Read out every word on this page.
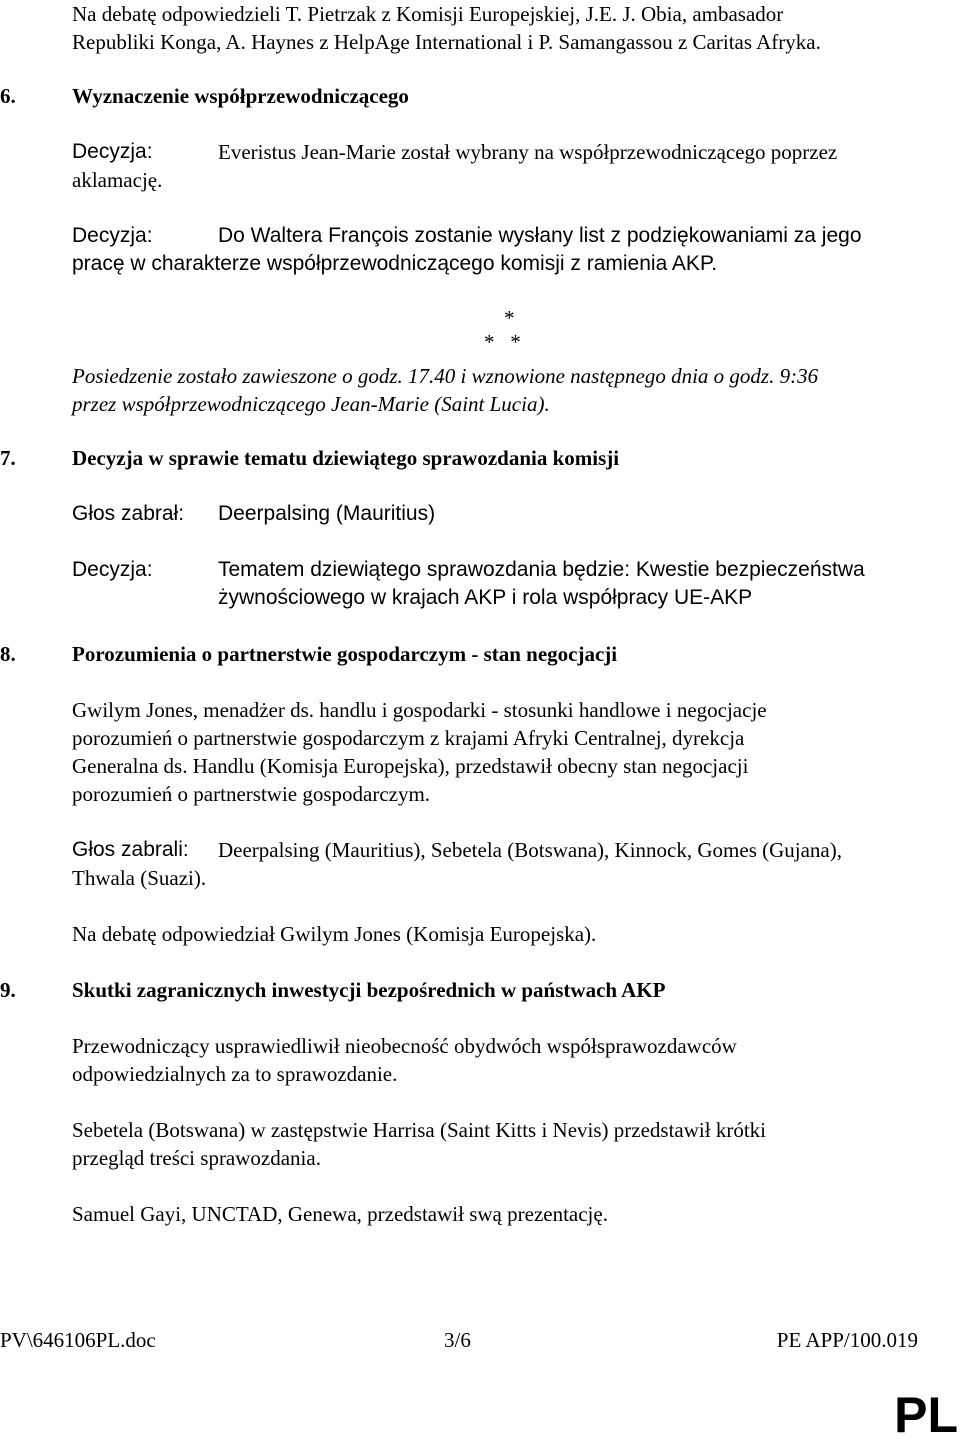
Na debatę odpowiedzieli T. Pietrzak z Komisji Europejskiej, J.E. J. Obia, ambasador
Republiki Konga, A. Haynes z HelpAge International i P. Samangassou z Caritas Afryka.
6.	Wyznaczenie współprzewodniczącego
Decyzja:	Everistus Jean-Marie został wybrany na współprzewodniczącego poprzez
aklamację.
Decyzja:	Do Waltera François zostanie wysłany list z podziękowaniami za jego
pracę w charakterze współprzewodniczącego komisji z ramienia AKP.
*
*   *
Posiedzenie zostało zawieszone o godz. 17.40 i wznowione następnego dnia o godz. 9:36
przez współprzewodniczącego Jean-Marie (Saint Lucia).
7.	Decyzja w sprawie tematu dziewiątego sprawozdania komisji
Głos zabrał: Deerpalsing (Mauritius)
Decyzja:	Tematem dziewiątego sprawozdania będzie: Kwestie bezpieczeństwa
żywnościowego w krajach AKP i rola współpracy UE-AKP
8.	Porozumienia o partnerstwie gospodarczym - stan negocjacji
Gwilym Jones, menadżer ds. handlu i gospodarki - stosunki handlowe i negocjacje
porozumień o partnerstwie gospodarczym z krajami Afryki Centralnej, dyrekcja
Generalna ds. Handlu (Komisja Europejska), przedstawił obecny stan negocjacji
porozumień o partnerstwie gospodarczym.
Głos zabrali: Deerpalsing (Mauritius), Sebetela (Botswana), Kinnock, Gomes (Gujana),
Thwala (Suazi).
Na debatę odpowiedział Gwilym Jones (Komisja Europejska).
9.	Skutki zagranicznych inwestycji bezpośrednich w państwach AKP
Przewodniczący usprawiedliwił nieobecność obydwóch współsprawozdawców
odpowiedzialnych za to sprawozdanie.
Sebetela (Botswana) w zastępstwie Harrisa (Saint Kitts i Nevis) przedstawił krótki
przegląd treści sprawozdania.
Samuel Gayi, UNCTAD, Genewa, przedstawił swą prezentację.
PV\646106PL.doc	3/6	PE APP/100.019
PL
